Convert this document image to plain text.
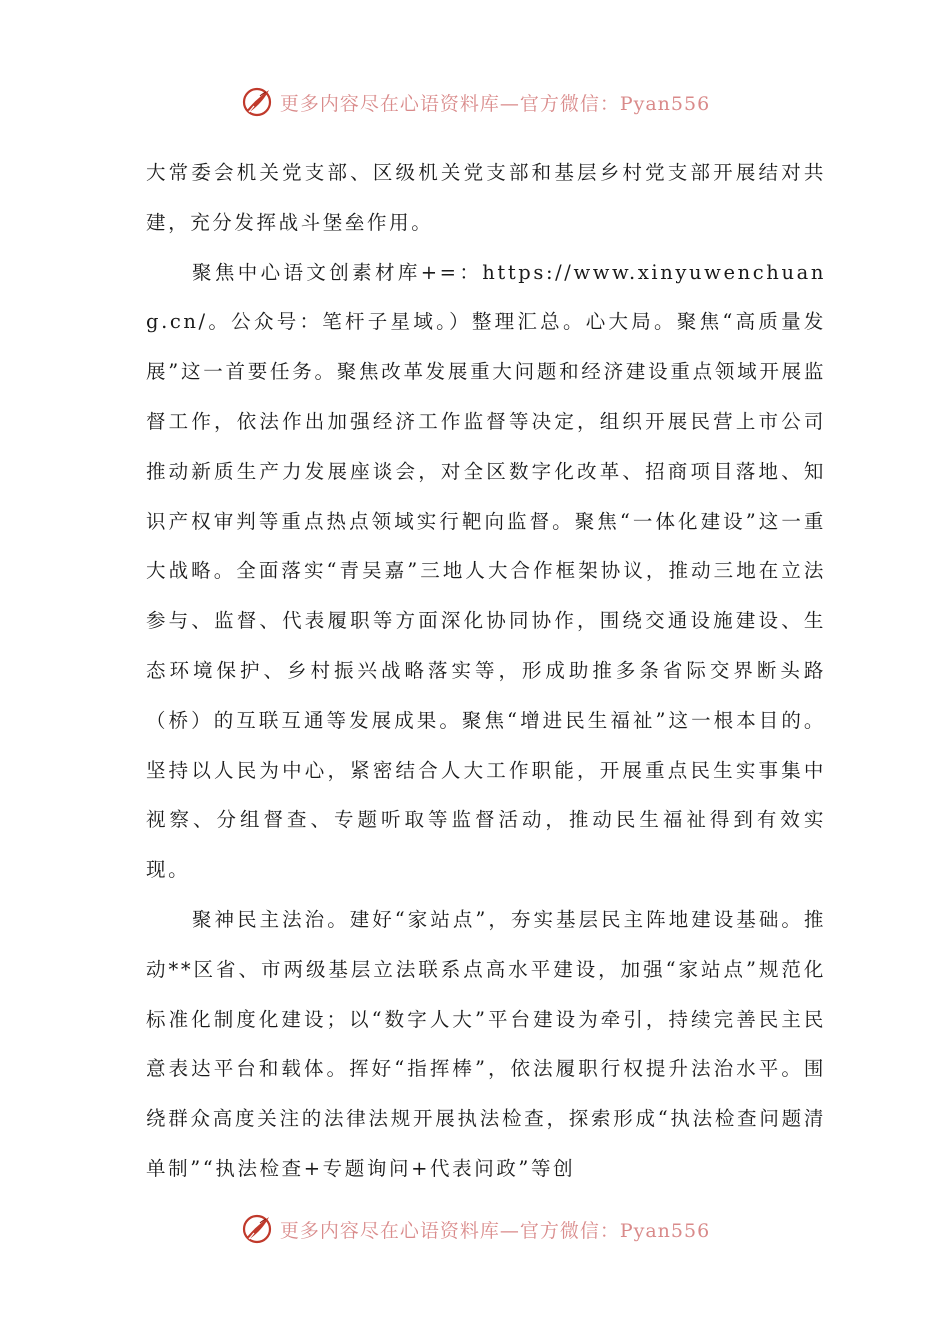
更多内容尽在心语资料库—官方微信：Pyan556

大常委会机关党支部、区级机关党支部和基层乡村党支部开展结对共建，充分发挥战斗堡垒作用。

聚焦中心语文创素材库+=：https://www.xinyuwenchuang.cn/。公众号：笔杆子星域。）整理汇总。心大局。聚焦“高质量发展”这一首要任务。聚焦改革发展重大问题和经济建设重点领域开展监督工作，依法作出加强经济工作监督等决定，组织开展民营上市公司推动新质生产力发展座谈会，对全区数字化改革、招商项目落地、知识产权审判等重点热点领域实行靶向监督。聚焦“一体化建设”这一重大战略。全面落实“青吴嘉”三地人大合作框架协议，推动三地在立法参与、监督、代表履职等方面深化协同协作，围绕交通设施建设、生态环境保护、乡村振兴战略落实等，形成助推多条省际交界断头路（桥）的互联互通等发展成果。聚焦“增进民生福祉”这一根本目的。坚持以人民为中心，紧密结合人大工作职能，开展重点民生实事集中视察、分组督查、专题听取等监督活动，推动民生福祉得到有效实现。

聚神民主法治。建好“家站点”，夯实基层民主阵地建设基础。推动**区省、市两级基层立法联系点高水平建设，加强“家站点”规范化标准化制度化建设；以“数字人大”平台建设为牵引，持续完善民主民意表达平台和载体。挥好“指挥棒”，依法履职行权提升法治水平。围绕群众高度关注的法律法规开展执法检查，探索形成“执法检查问题清单制”“执法检查+专题询问+代表问政”等创

更多内容尽在心语资料库—官方微信：Pyan556
